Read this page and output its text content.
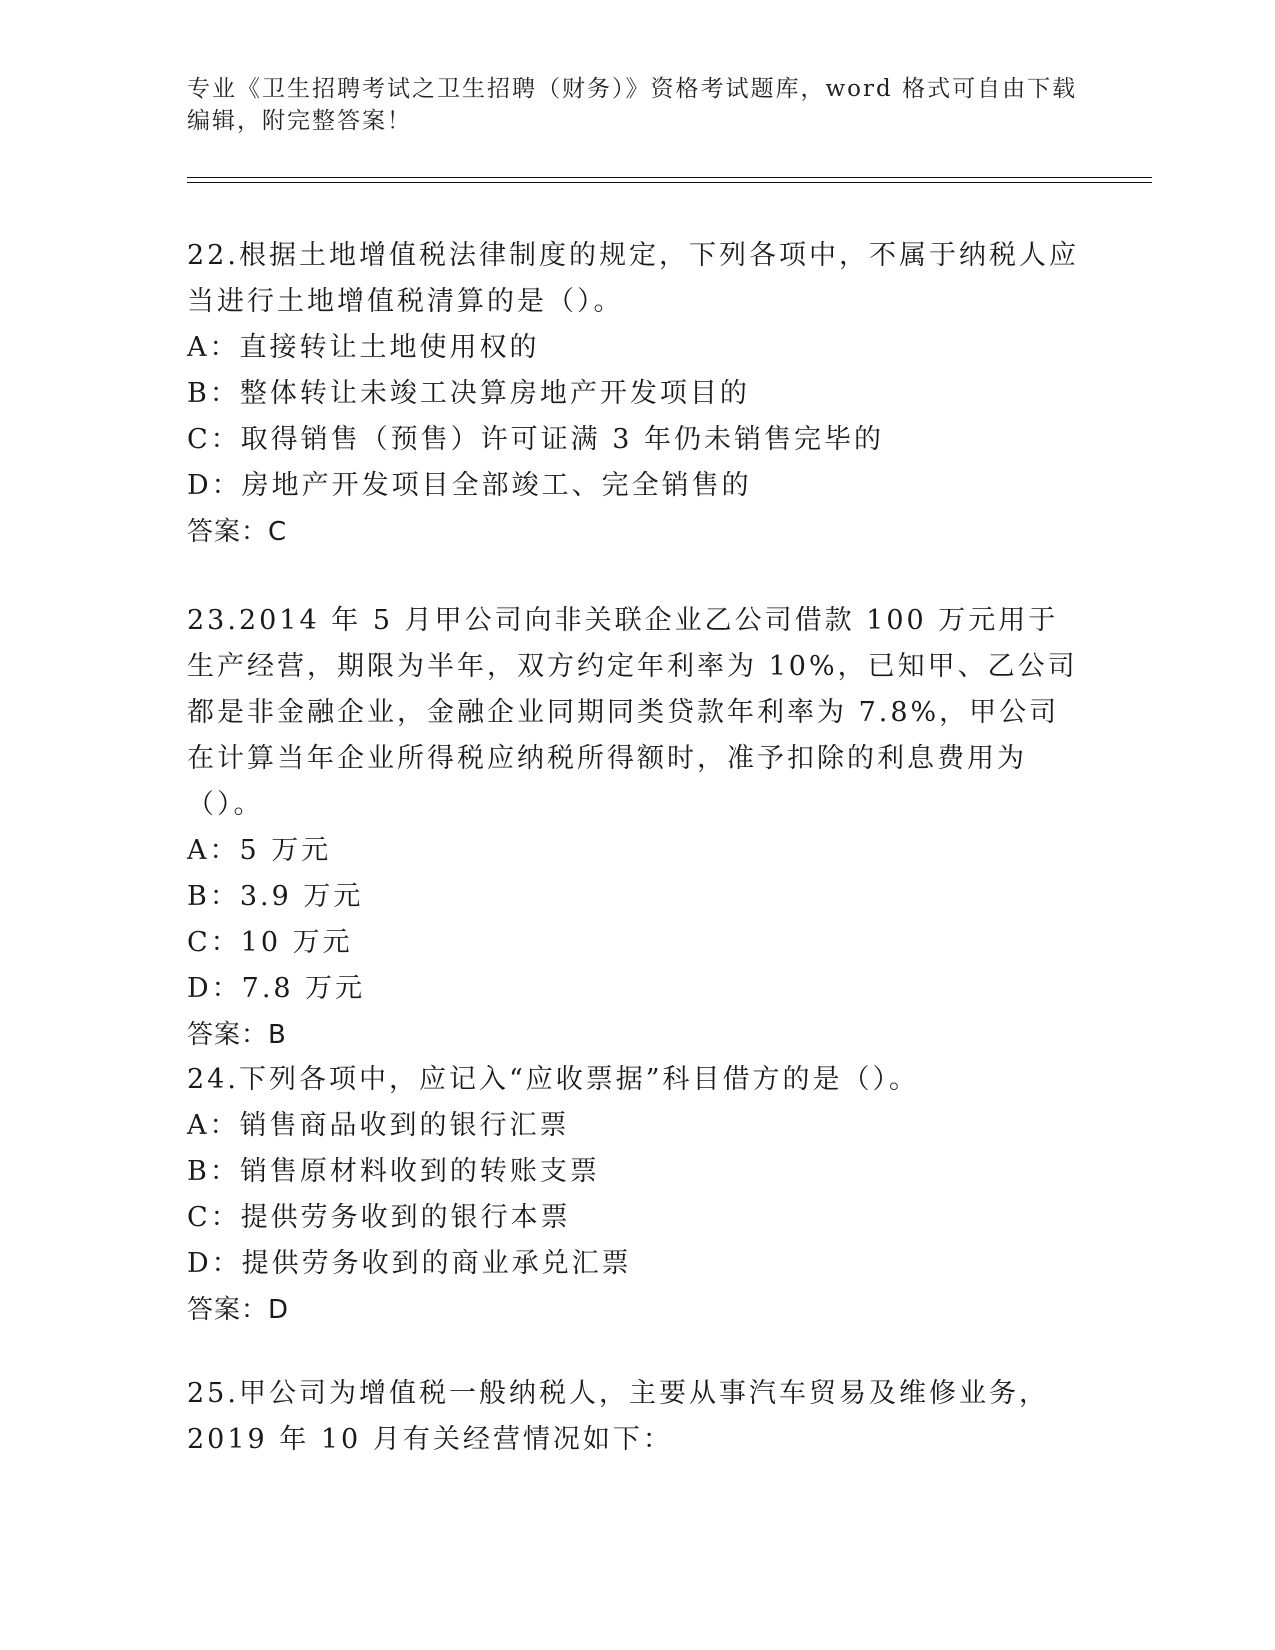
专业《卫生招聘考试之卫生招聘（财务）》资格考试题库，word 格式可自由下载编辑，附完整答案！

22.根据土地增值税法律制度的规定，下列各项中，不属于纳税人应当进行土地增值税清算的是（）。

A：直接转让土地使用权的

B：整体转让未竣工决算房地产开发项目的

C：取得销售（预售）许可证满 3 年仍未销售完毕的

D：房地产开发项目全部竣工、完全销售的

答案：C

23.2014 年 5 月甲公司向非关联企业乙公司借款 100 万元用于生产经营，期限为半年，双方约定年利率为 10%，已知甲、乙公司都是非金融企业，金融企业同期同类贷款年利率为 7.8%，甲公司在计算当年企业所得税应纳税所得额时，准予扣除的利息费用为（）。

A：5 万元

B：3.9 万元

C：10 万元

D：7.8 万元

答案：B

24.下列各项中，应记入“应收票据”科目借方的是（）。

A：销售商品收到的银行汇票

B：销售原材料收到的转账支票

C：提供劳务收到的银行本票

D：提供劳务收到的商业承兑汇票

答案：D

25.甲公司为增值税一般纳税人，主要从事汽车贸易及维修业务，2019 年 10 月有关经营情况如下：
